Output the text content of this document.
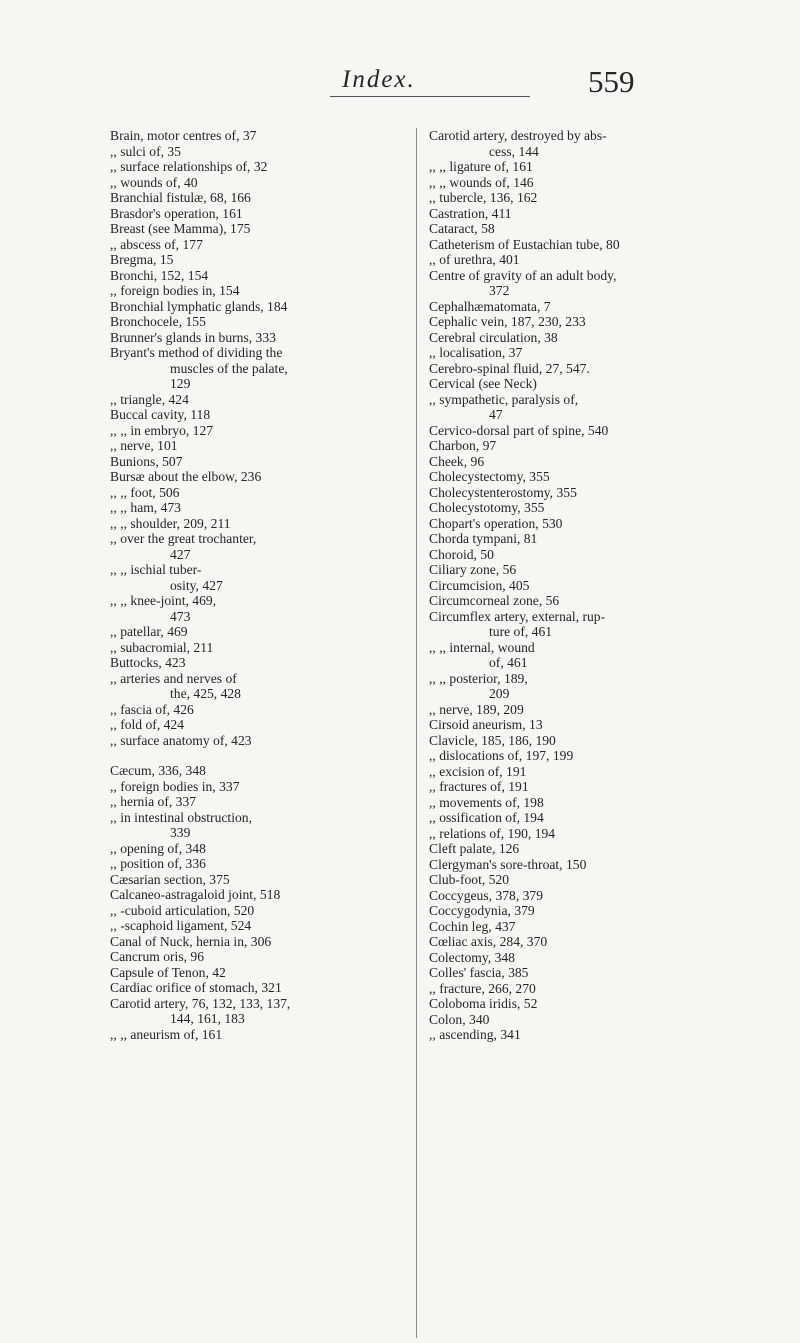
Index.	559
Brain, motor centres of, 37
,, sulci of, 35
,, surface relationships of, 32
,, wounds of, 40
Branchial fistulæ, 68, 166
Brasdor's operation, 161
Breast (see Mamma), 175
,, abscess of, 177
Bregma, 15
Bronchi, 152, 154
,, foreign bodies in, 154
Bronchial lymphatic glands, 184
Bronchocele, 155
Brunner's glands in burns, 333
Bryant's method of dividing the
muscles of the palate,
129
,, triangle, 424
Buccal cavity, 118
,, ,, in embryo, 127
,, nerve, 101
Bunions, 507
Bursæ about the elbow, 236
,, ,, foot, 506
,, ,, ham, 473
,, ,, shoulder, 209, 211
,, over the great trochanter,
427
,, ,, ischial tuber-
osity, 427
,, ,, knee-joint, 469,
473
,, patellar, 469
,, subacromial, 211
Buttocks, 423
,, arteries and nerves of
the, 425, 428
,, fascia of, 426
,, fold of, 424
,, surface anatomy of, 423
Cæcum, 336, 348
,, foreign bodies in, 337
,, hernia of, 337
,, in intestinal obstruction,
339
,, opening of, 348
,, position of, 336
Cæsarian section, 375
Calcaneo-astragaloid joint, 518
,, -cuboid articulation, 520
,, -scaphoid ligament, 524
Canal of Nuck, hernia in, 306
Cancrum oris, 96
Capsule of Tenon, 42
Cardiac orifice of stomach, 321
Carotid artery, 76, 132, 133, 137,
144, 161, 183
,, ,, aneurism of, 161
Carotid artery, destroyed by abs-
cess, 144
,, ,, ligature of, 161
,, ,, wounds of, 146
,, tubercle, 136, 162
Castration, 411
Cataract, 58
Catheterism of Eustachian tube, 80
,, of urethra, 401
Centre of gravity of an adult body,
372
Cephalhæmatomata, 7
Cephalic vein, 187, 230, 233
Cerebral circulation, 38
,, localisation, 37
Cerebro-spinal fluid, 27, 547.
Cervical (see Neck)
,, sympathetic, paralysis of,
47
Cervico-dorsal part of spine, 540
Charbon, 97
Cheek, 96
Cholecystectomy, 355
Cholecystenterostomy, 355
Cholecystotomy, 355
Chopart's operation, 530
Chorda tympani, 81
Choroid, 50
Ciliary zone, 56
Circumcision, 405
Circumcorneal zone, 56
Circumflex artery, external, rup-
ture of, 461
,, ,, internal, wound
of, 461
,, ,, posterior, 189,
209
,, nerve, 189, 209
Cirsoid aneurism, 13
Clavicle, 185, 186, 190
,, dislocations of, 197, 199
,, excision of, 191
,, fractures of, 191
,, movements of, 198
,, ossification of, 194
,, relations of, 190, 194
Cleft palate, 126
Clergyman's sore-throat, 150
Club-foot, 520
Coccygeus, 378, 379
Coccygodynia, 379
Cochin leg, 437
Cœliac axis, 284, 370
Colectomy, 348
Colles' fascia, 385
,, fracture, 266, 270
Coloboma iridis, 52
Colon, 340
,, ascending, 341
